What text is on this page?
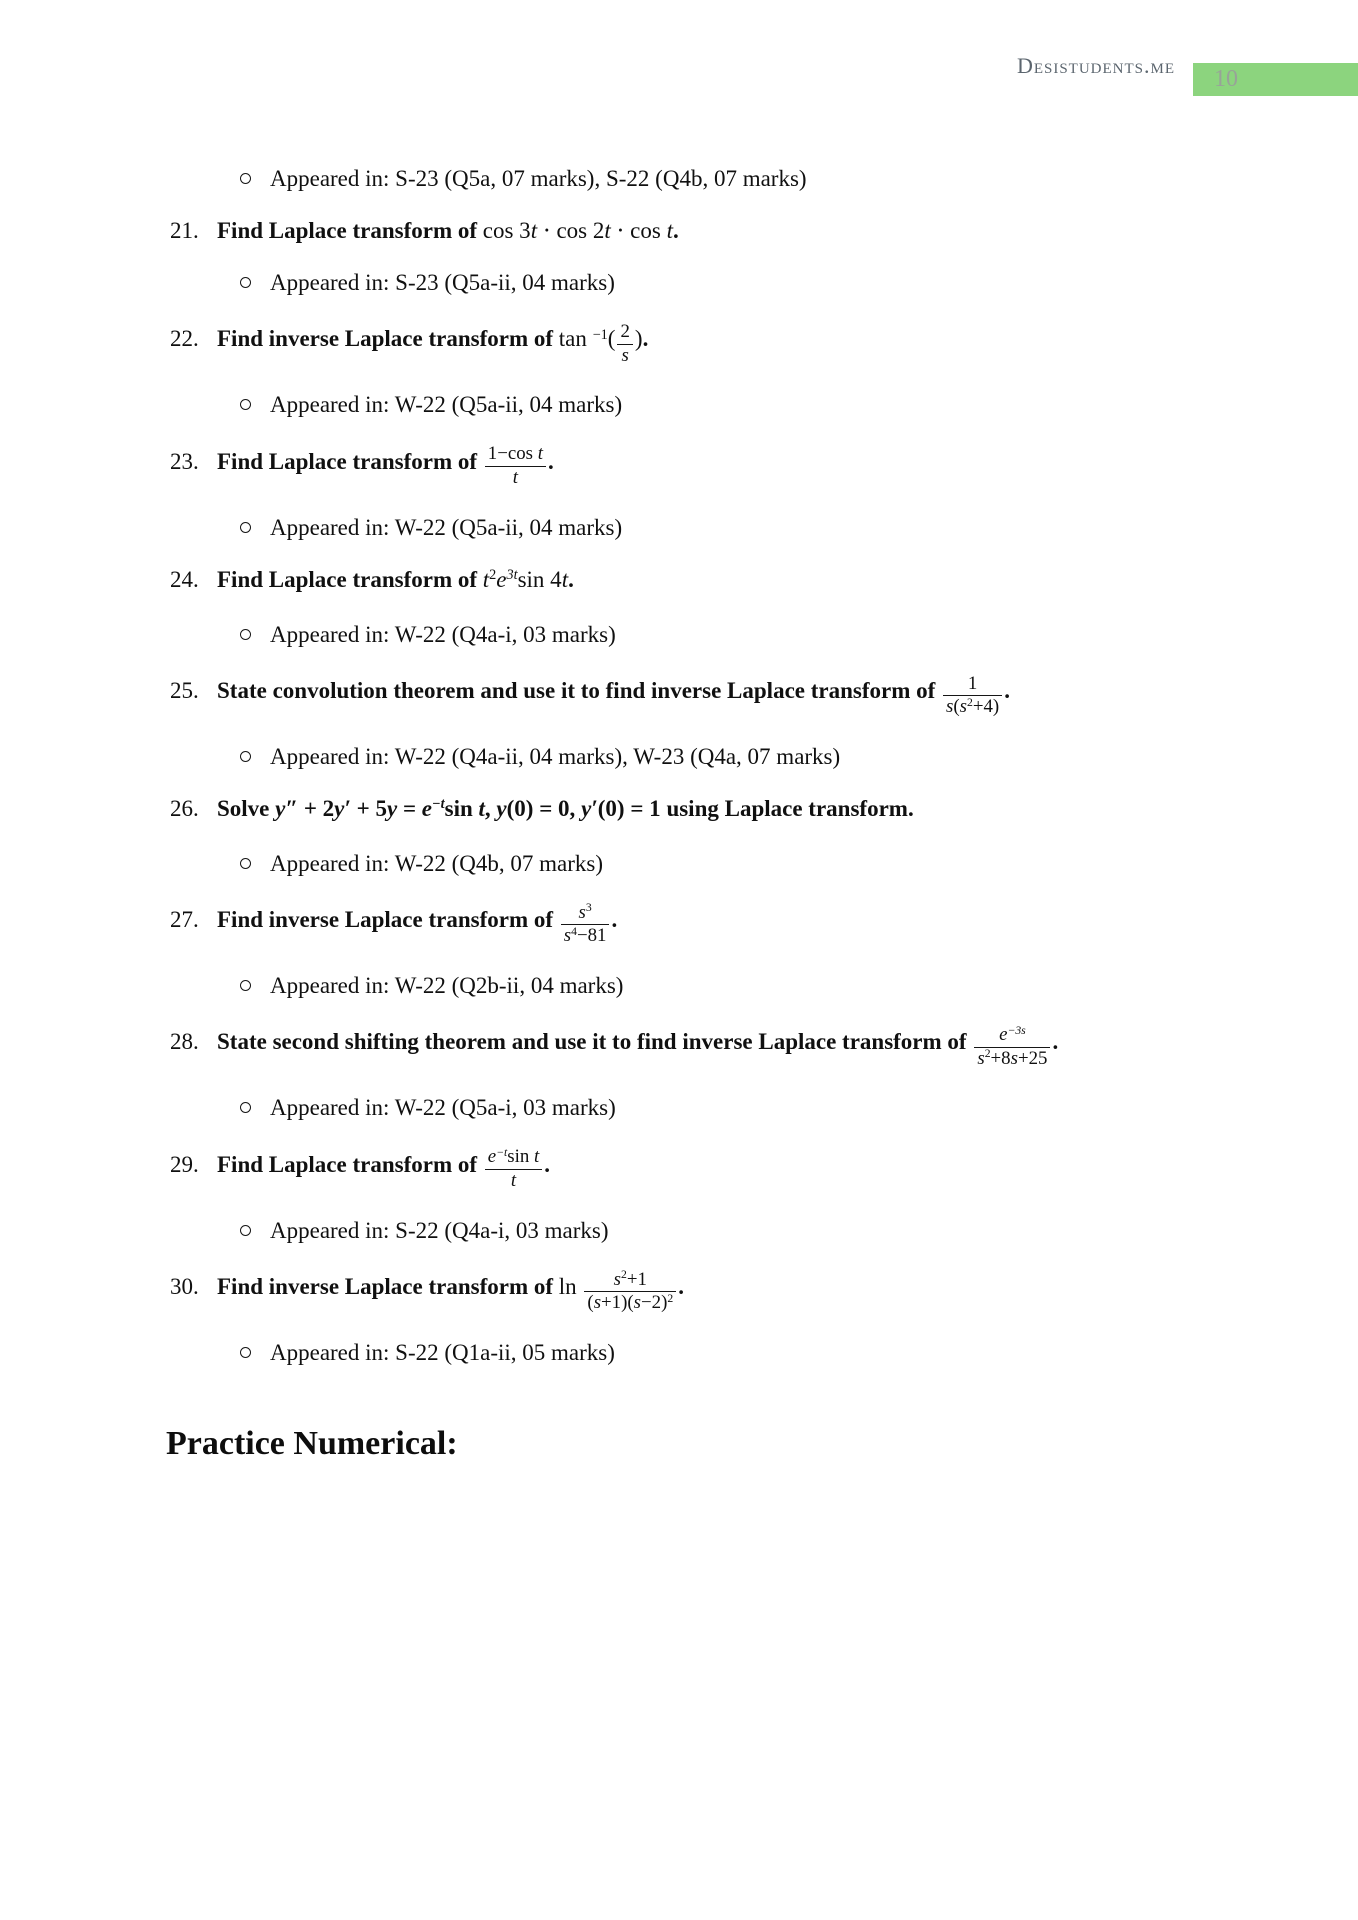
Desistudents.me
10
Appeared in: S-23 (Q5a, 07 marks), S-22 (Q4b, 07 marks)
21. Find Laplace transform of cos 3t ⋅ cos 2t ⋅ cos t.
Appeared in: S-23 (Q5a-ii, 04 marks)
22. Find inverse Laplace transform of $\tan ^{-1}( \frac{2}{s}$ ).
Appeared in: W-22 (Q5a-ii, 04 marks)
23. Find Laplace transform of $\frac{\text{1−cos t}}{t}$ .
Appeared in: W-22 (Q5a-ii, 04 marks)
24. Find Laplace transform of $t^2e^{3t}\sin$ 4t.
Appeared in: W-22 (Q4a-i, 03 marks)
25. State convolution theorem and use it to find inverse Laplace transform of $\frac{1}{s(s^2+4)}$ .
Appeared in: W-22 (Q4a-ii, 04 marks), W-23 (Q4a, 07 marks)
26. Solve $y'' + 2y' + 5y = e^{-t}\sin$ t, y(0) = 0, y′(0) = 1 using Laplace transform.
Appeared in: W-22 (Q4b, 07 marks)
27. Find inverse Laplace transform of $\frac{s^3}{s^4-81}$ .
Appeared in: W-22 (Q2b-ii, 04 marks)
28. State second shifting theorem and use it to find inverse Laplace transform of $\frac{e^{-3s}}{s^2+8s+25}$ .
Appeared in: W-22 (Q5a-i, 03 marks)
29. Find Laplace transform of $\frac{e^{-t}\sin t}{t}$ .
Appeared in: S-22 (Q4a-i, 03 marks)
30. Find inverse Laplace transform of $\ln \frac{s^2+1}{(s+1)(s-2)^2}$ .
Appeared in: S-22 (Q1a-ii, 05 marks)
Practice Numerical:
